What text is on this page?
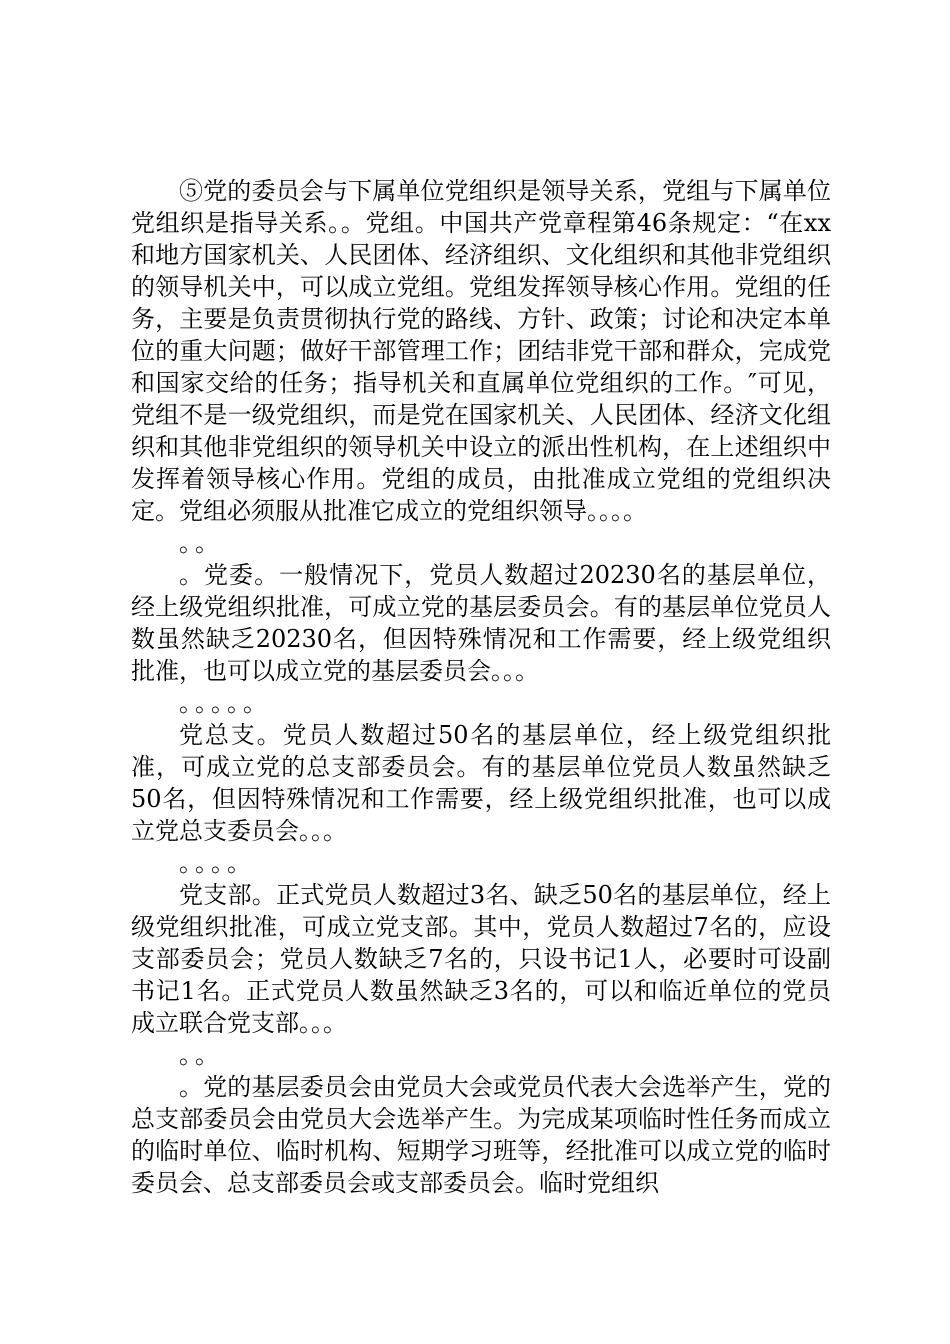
⑤党的委员会与下属单位党组织是领导关系，党组与下属单位党组织是指导关系。。党组。中国共产党章程第46条规定：“在xx和地方国家机关、人民团体、经济组织、文化组织和其他非党组织的领导机关中，可以成立党组。党组发挥领导核心作用。党组的任务，主要是负责贯彻执行党的路线、方针、政策；讨论和决定本单位的重大问题；做好干部管理工作；团结非党干部和群众，完成党和国家交给的任务；指导机关和直属单位党组织的工作。″可见，党组不是一级党组织，而是党在国家机关、人民团体、经济文化组织和其他非党组织的领导机关中设立的派出性机构，在上述组织中发挥着领导核心作用。党组的成员，由批准成立党组的党组织决定。党组必须服从批准它成立的党组织领导。。。。

。。

。党委。一般情况下，党员人数超过20230名的基层单位，经上级党组织批准，可成立党的基层委员会。有的基层单位党员人数虽然缺乏20230名，但因特殊情况和工作需要，经上级党组织批准，也可以成立党的基层委员会。。。

。。。。。

党总支。党员人数超过50名的基层单位，经上级党组织批准，可成立党的总支部委员会。有的基层单位党员人数虽然缺乏50名，但因特殊情况和工作需要，经上级党组织批准，也可以成立党总支委员会。。。

。。。。

党支部。正式党员人数超过3名、缺乏50名的基层单位，经上级党组织批准，可成立党支部。其中，党员人数超过7名的，应设支部委员会；党员人数缺乏7名的，只设书记1人，必要时可设副书记1名。正式党员人数虽然缺乏3名的，可以和临近单位的党员成立联合党支部。。。

。。

。党的基层委员会由党员大会或党员代表大会选举产生，党的总支部委员会由党员大会选举产生。为完成某项临时性任务而成立的临时单位、临时机构、短期学习班等，经批准可以成立党的临时委员会、总支部委员会或支部委员会。临时党组织
